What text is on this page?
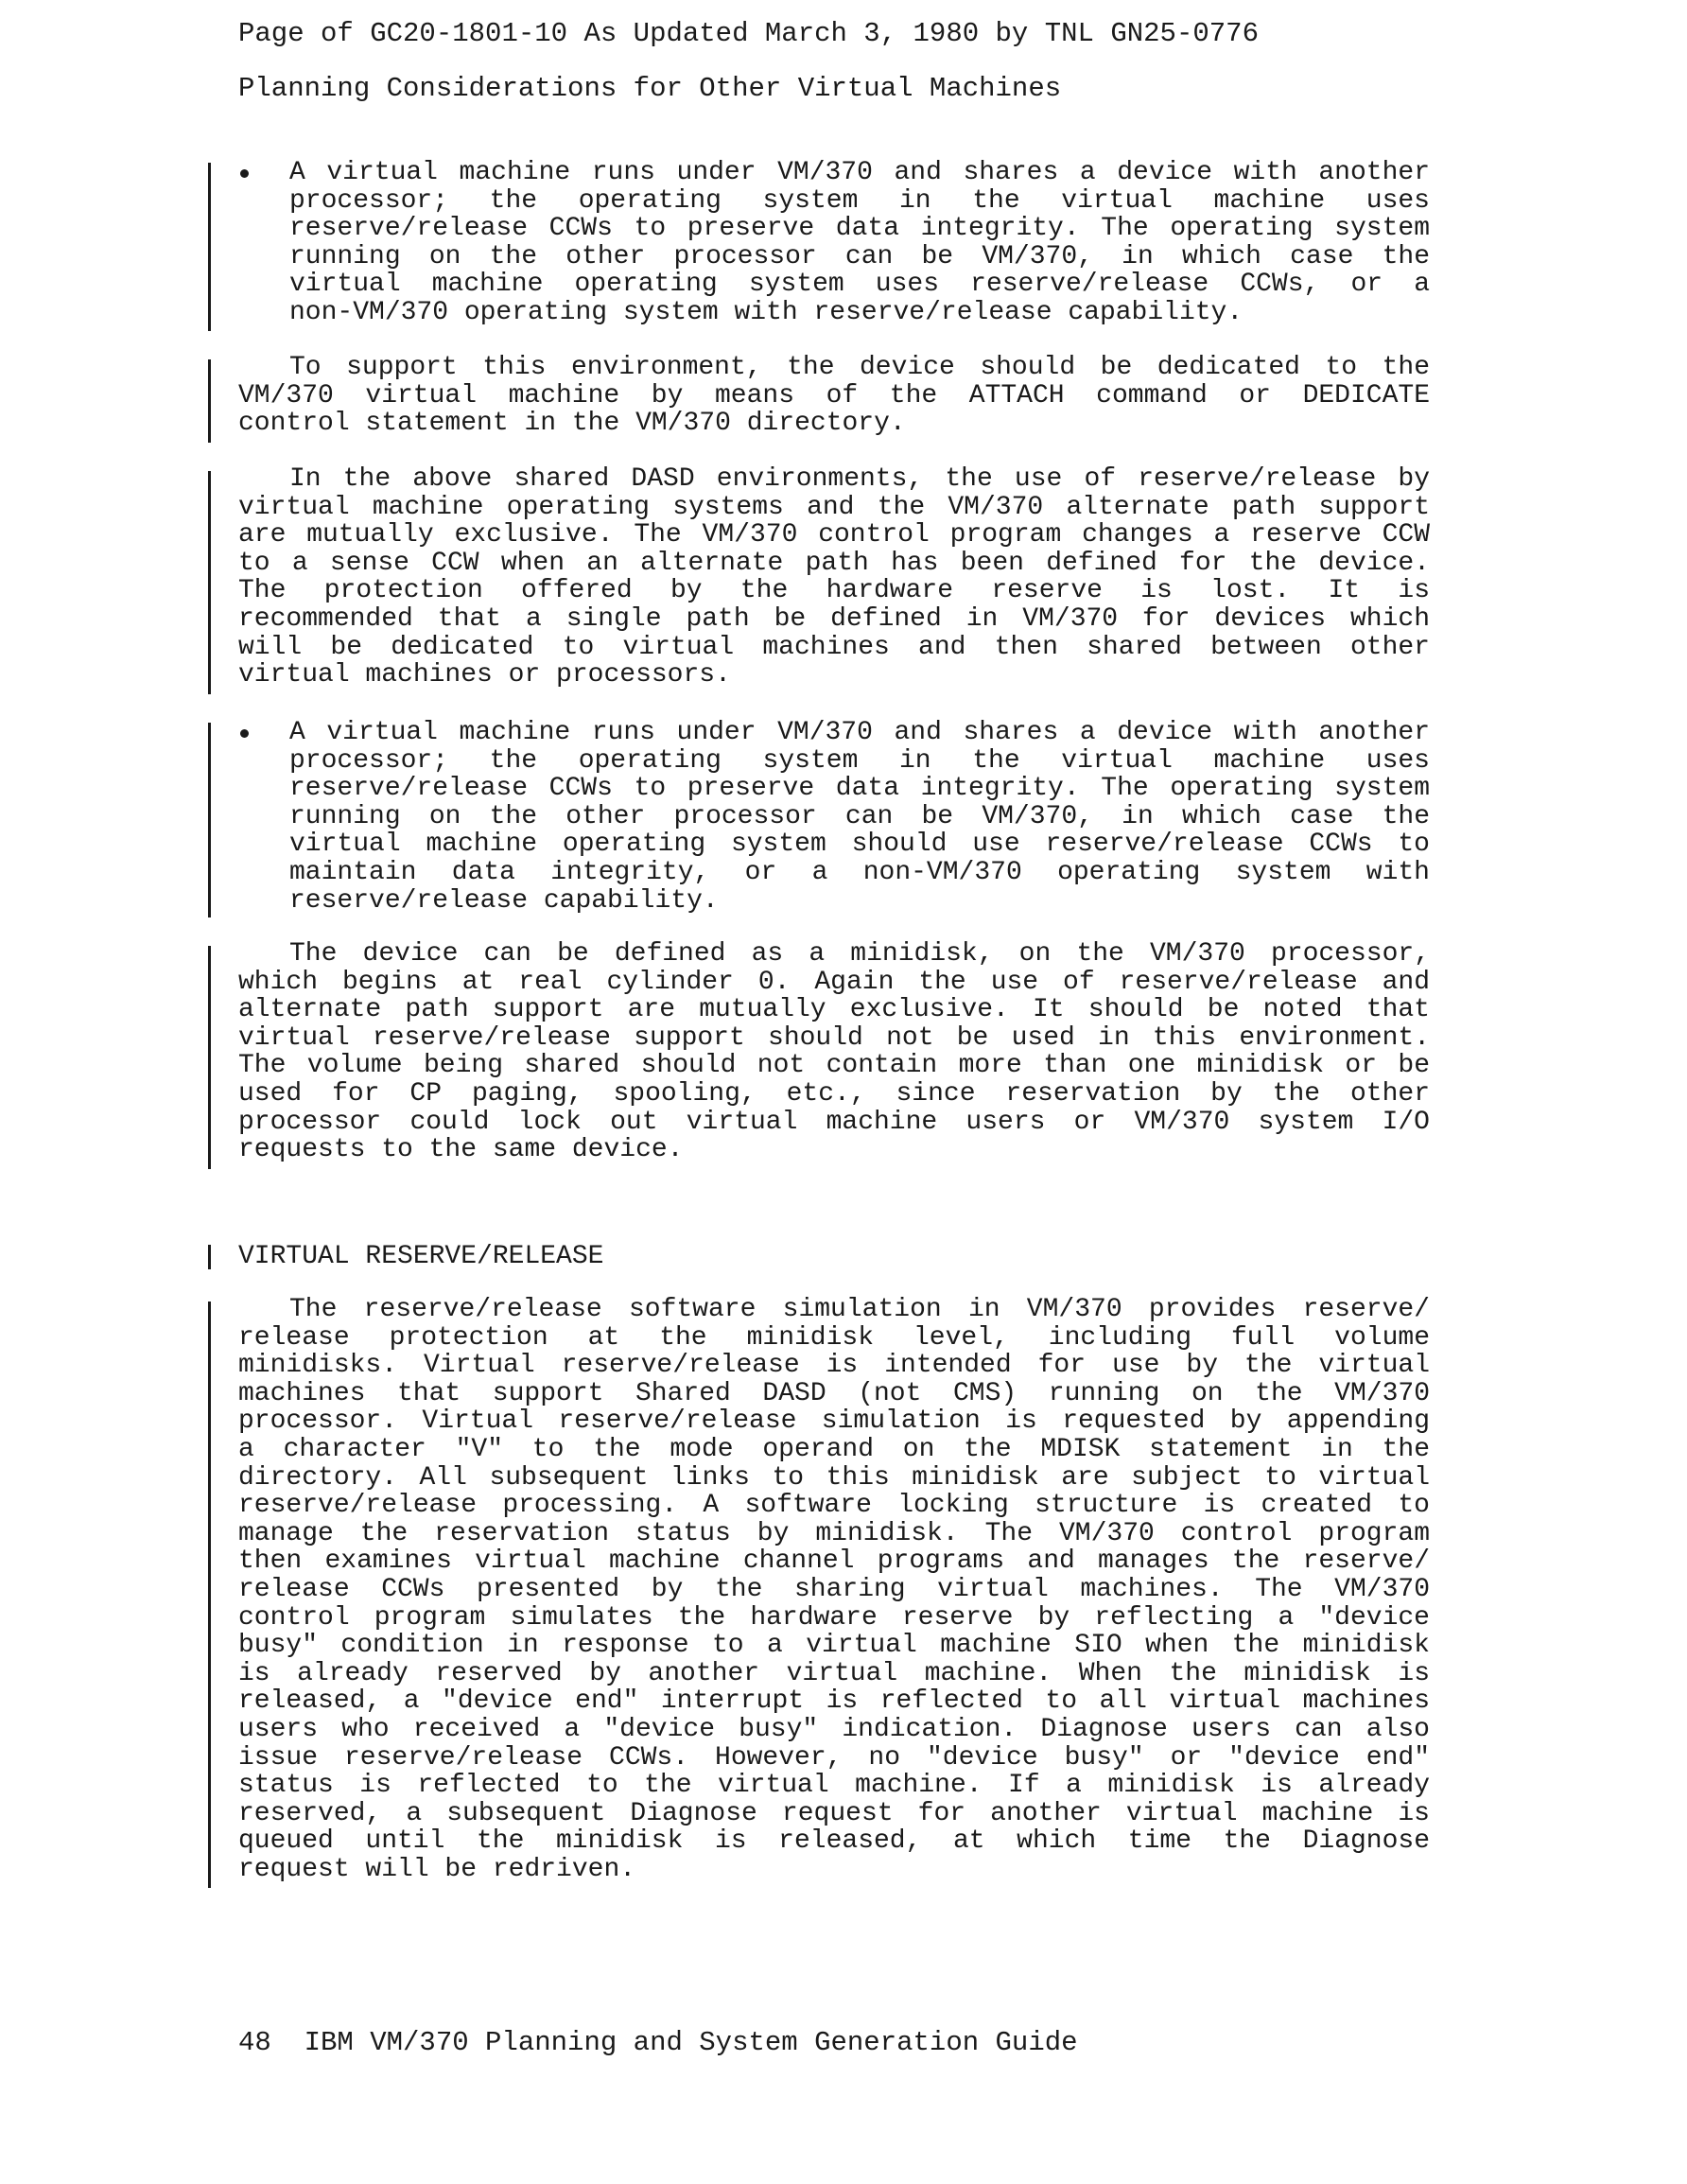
Page of GC20-1801-10 As Updated March 3, 1980 by TNL GN25-0776
Planning Considerations for Other Virtual Machines
A virtual machine runs under VM/370 and shares a device with another
processor; the operating system in the virtual machine uses
reserve/release CCWs to preserve data integrity. The operating system
running on the other processor can be VM/370, in which case the
virtual machine operating system uses reserve/release CCWs, or a
non-VM/370 operating system with reserve/release capability.
To support this environment, the device should be dedicated to the
VM/370 virtual machine by means of the ATTACH command or DEDICATE
control statement in the VM/370 directory.
In the above shared DASD environments, the use of reserve/release by
virtual machine operating systems and the VM/370 alternate path support
are mutually exclusive. The VM/370 control program changes a reserve CCW
to a sense CCW when an alternate path has been defined for the device.
The protection offered by the hardware reserve is lost. It is
recommended that a single path be defined in VM/370 for devices which
will be dedicated to virtual machines and then shared between other
virtual machines or processors.
A virtual machine runs under VM/370 and shares a device with another
processor; the operating system in the virtual machine uses
reserve/release CCWs to preserve data integrity. The operating system
running on the other processor can be VM/370, in which case the
virtual machine operating system should use reserve/release CCWs to
maintain data integrity, or a non-VM/370 operating system with
reserve/release capability.
The device can be defined as a minidisk, on the VM/370 processor,
which begins at real cylinder 0. Again the use of reserve/release and
alternate path support are mutually exclusive. It should be noted that
virtual reserve/release support should not be used in this environment.
The volume being shared should not contain more than one minidisk or be
used for CP paging, spooling, etc., since reservation by the other
processor could lock out virtual machine users or VM/370 system I/O
requests to the same device.
VIRTUAL RESERVE/RELEASE
The reserve/release software simulation in VM/370 provides reserve/
release protection at the minidisk level, including full volume
minidisks. Virtual reserve/release is intended for use by the virtual
machines that support Shared DASD (not CMS) running on the VM/370
processor. Virtual reserve/release simulation is requested by appending
a character "V" to the mode operand on the MDISK statement in the
directory. All subsequent links to this minidisk are subject to virtual
reserve/release processing. A software locking structure is created to
manage the reservation status by minidisk. The VM/370 control program
then examines virtual machine channel programs and manages the reserve/
release CCWs presented by the sharing virtual machines. The VM/370
control program simulates the hardware reserve by reflecting a "device
busy" condition in response to a virtual machine SIO when the minidisk
is already reserved by another virtual machine. When the minidisk is
released, a "device end" interrupt is reflected to all virtual machines
users who received a "device busy" indication. Diagnose users can also
issue reserve/release CCWs. However, no "device busy" or "device end"
status is reflected to the virtual machine. If a minidisk is already
reserved, a subsequent Diagnose request for another virtual machine is
queued until the minidisk is released, at which time the Diagnose
request will be redriven.
48  IBM VM/370 Planning and System Generation Guide
